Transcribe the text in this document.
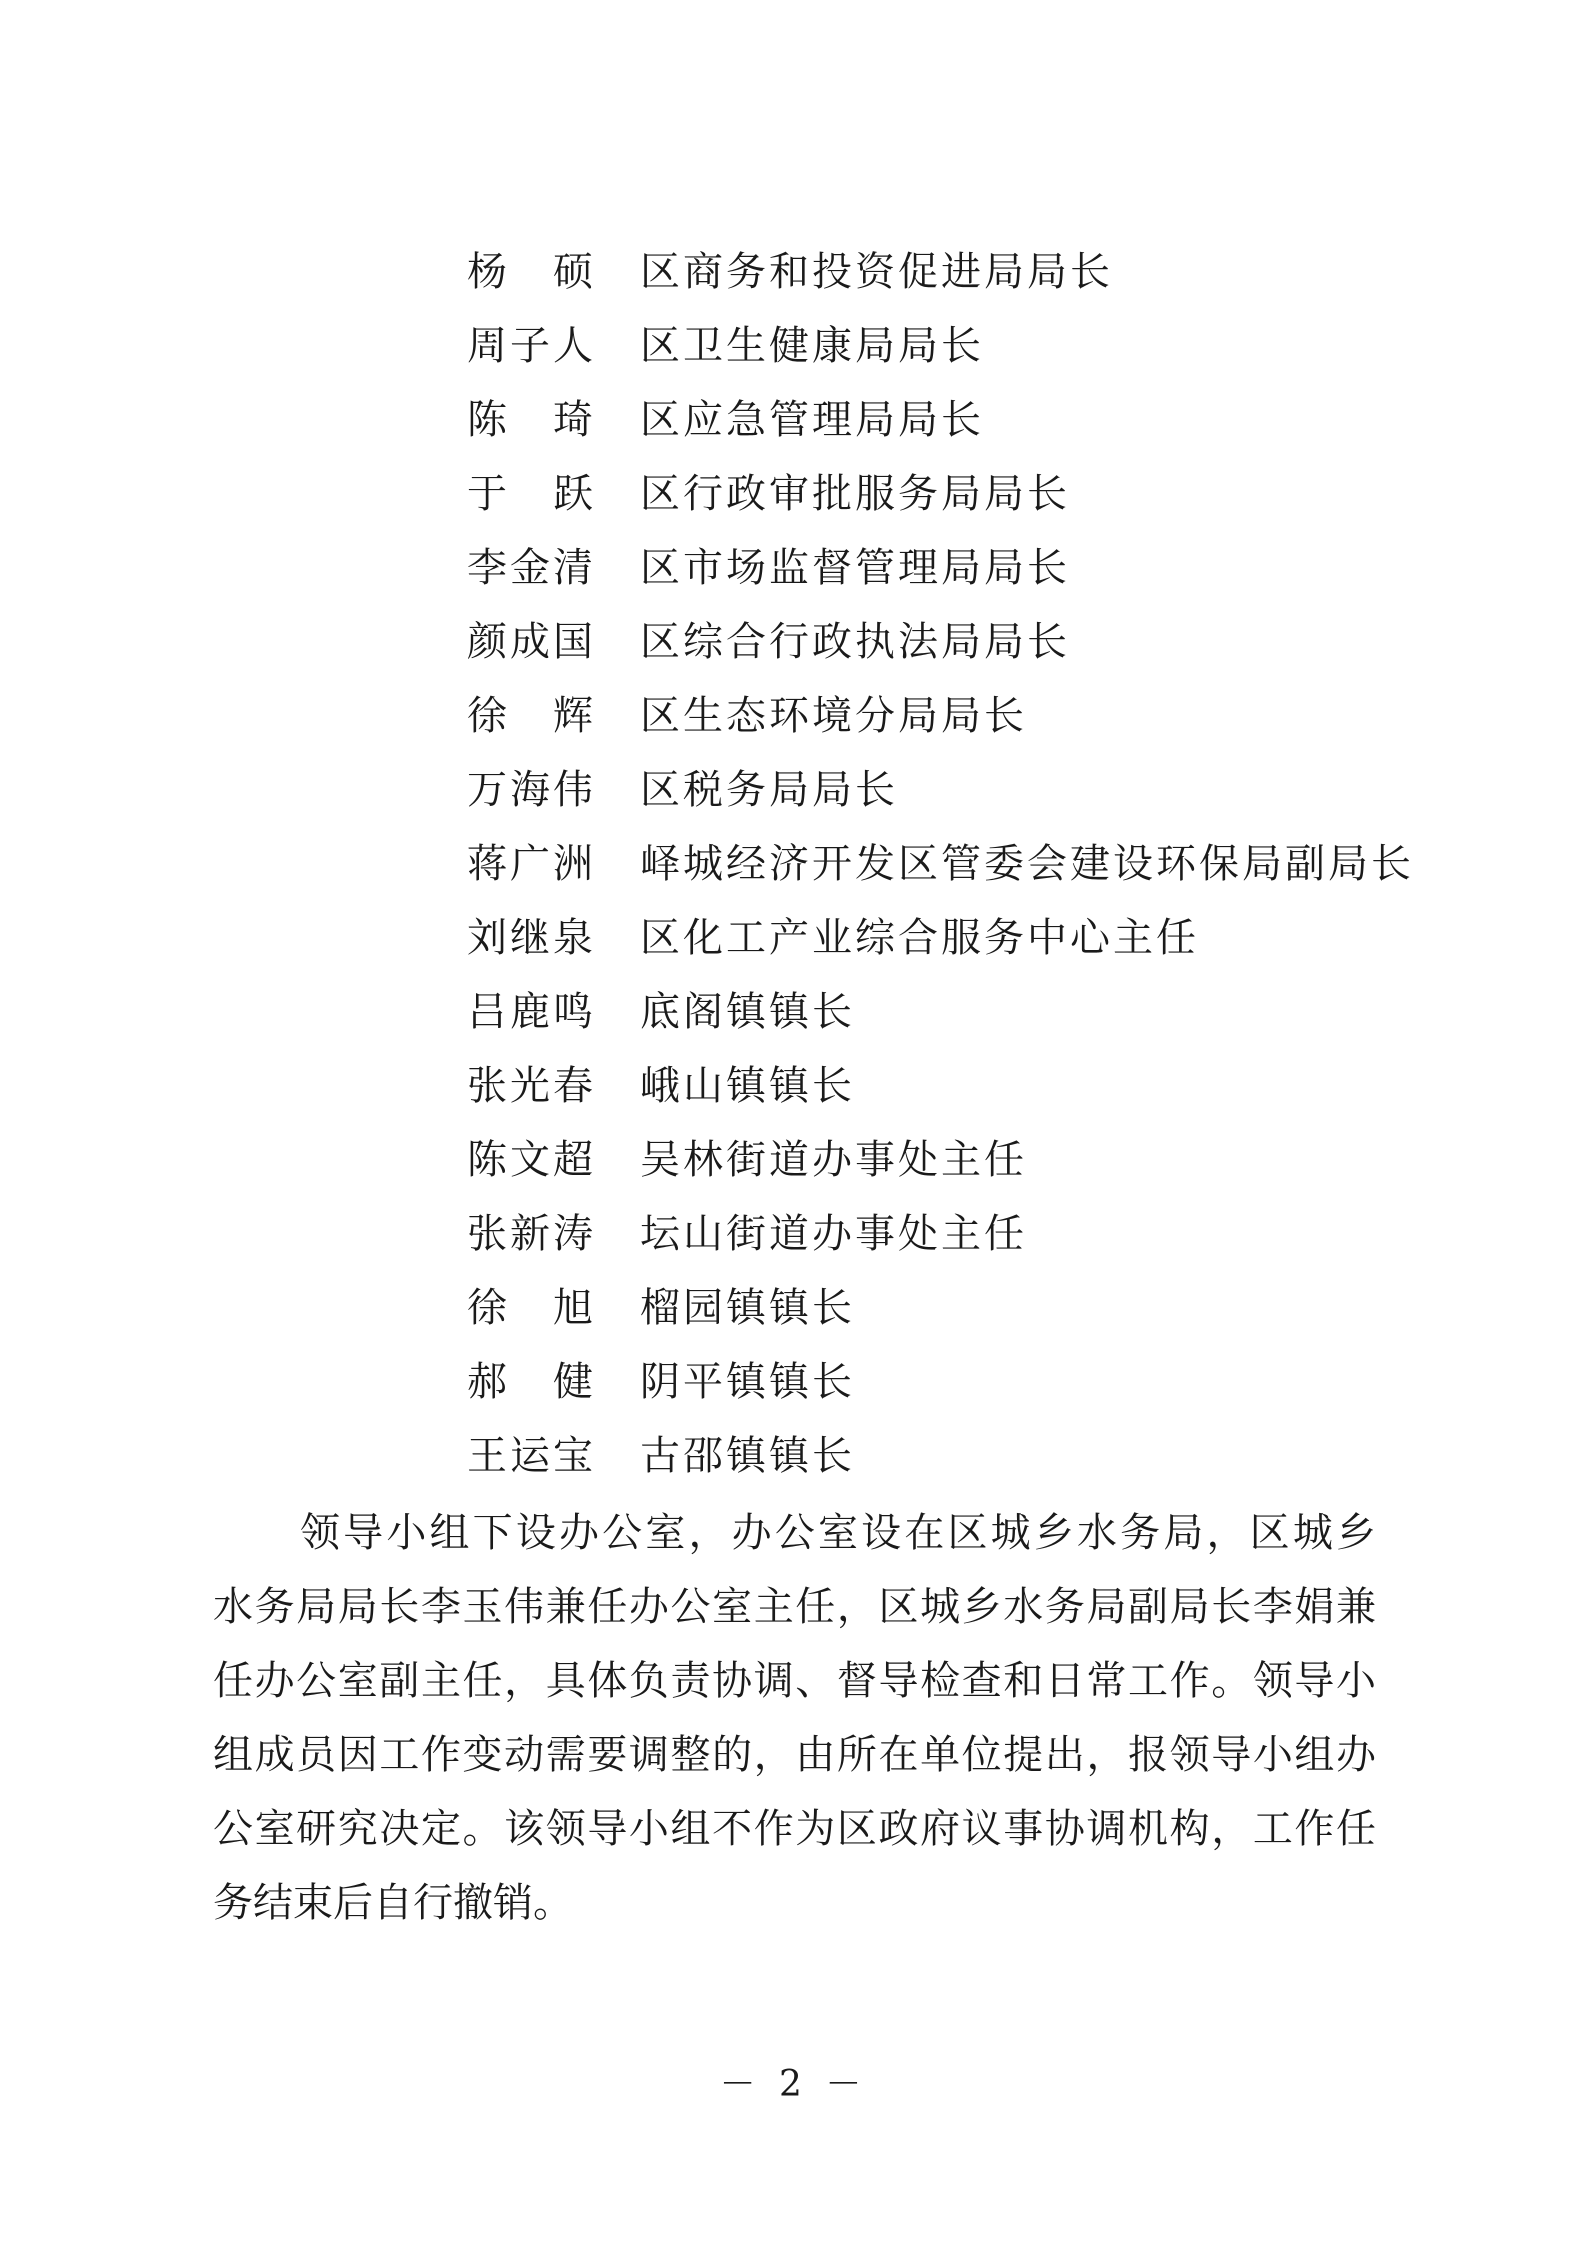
杨　硕 区商务和投资促进局局长
周子人 区卫生健康局局长
陈　琦 区应急管理局局长
于　跃 区行政审批服务局局长
李金清 区市场监督管理局局长
颜成国 区综合行政执法局局长
徐　辉 区生态环境分局局长
万海伟 区税务局局长
蒋广洲 峄城经济开发区管委会建设环保局副局长
刘继泉 区化工产业综合服务中心主任
吕鹿鸣 底阁镇镇长
张光春 峨山镇镇长
陈文超 吴林街道办事处主任
张新涛 坛山街道办事处主任
徐　旭 榴园镇镇长
郝　健 阴平镇镇长
王运宝 古邵镇镇长
领导小组下设办公室，办公室设在区城乡水务局，区城乡
水务局局长李玉伟兼任办公室主任，区城乡水务局副局长李娟兼
任办公室副主任，具体负责协调、督导检查和日常工作。领导小
组成员因工作变动需要调整的，由所在单位提出，报领导小组办
公室研究决定。该领导小组不作为区政府议事协调机构，工作任
务结束后自行撤销。
－ 2 －
